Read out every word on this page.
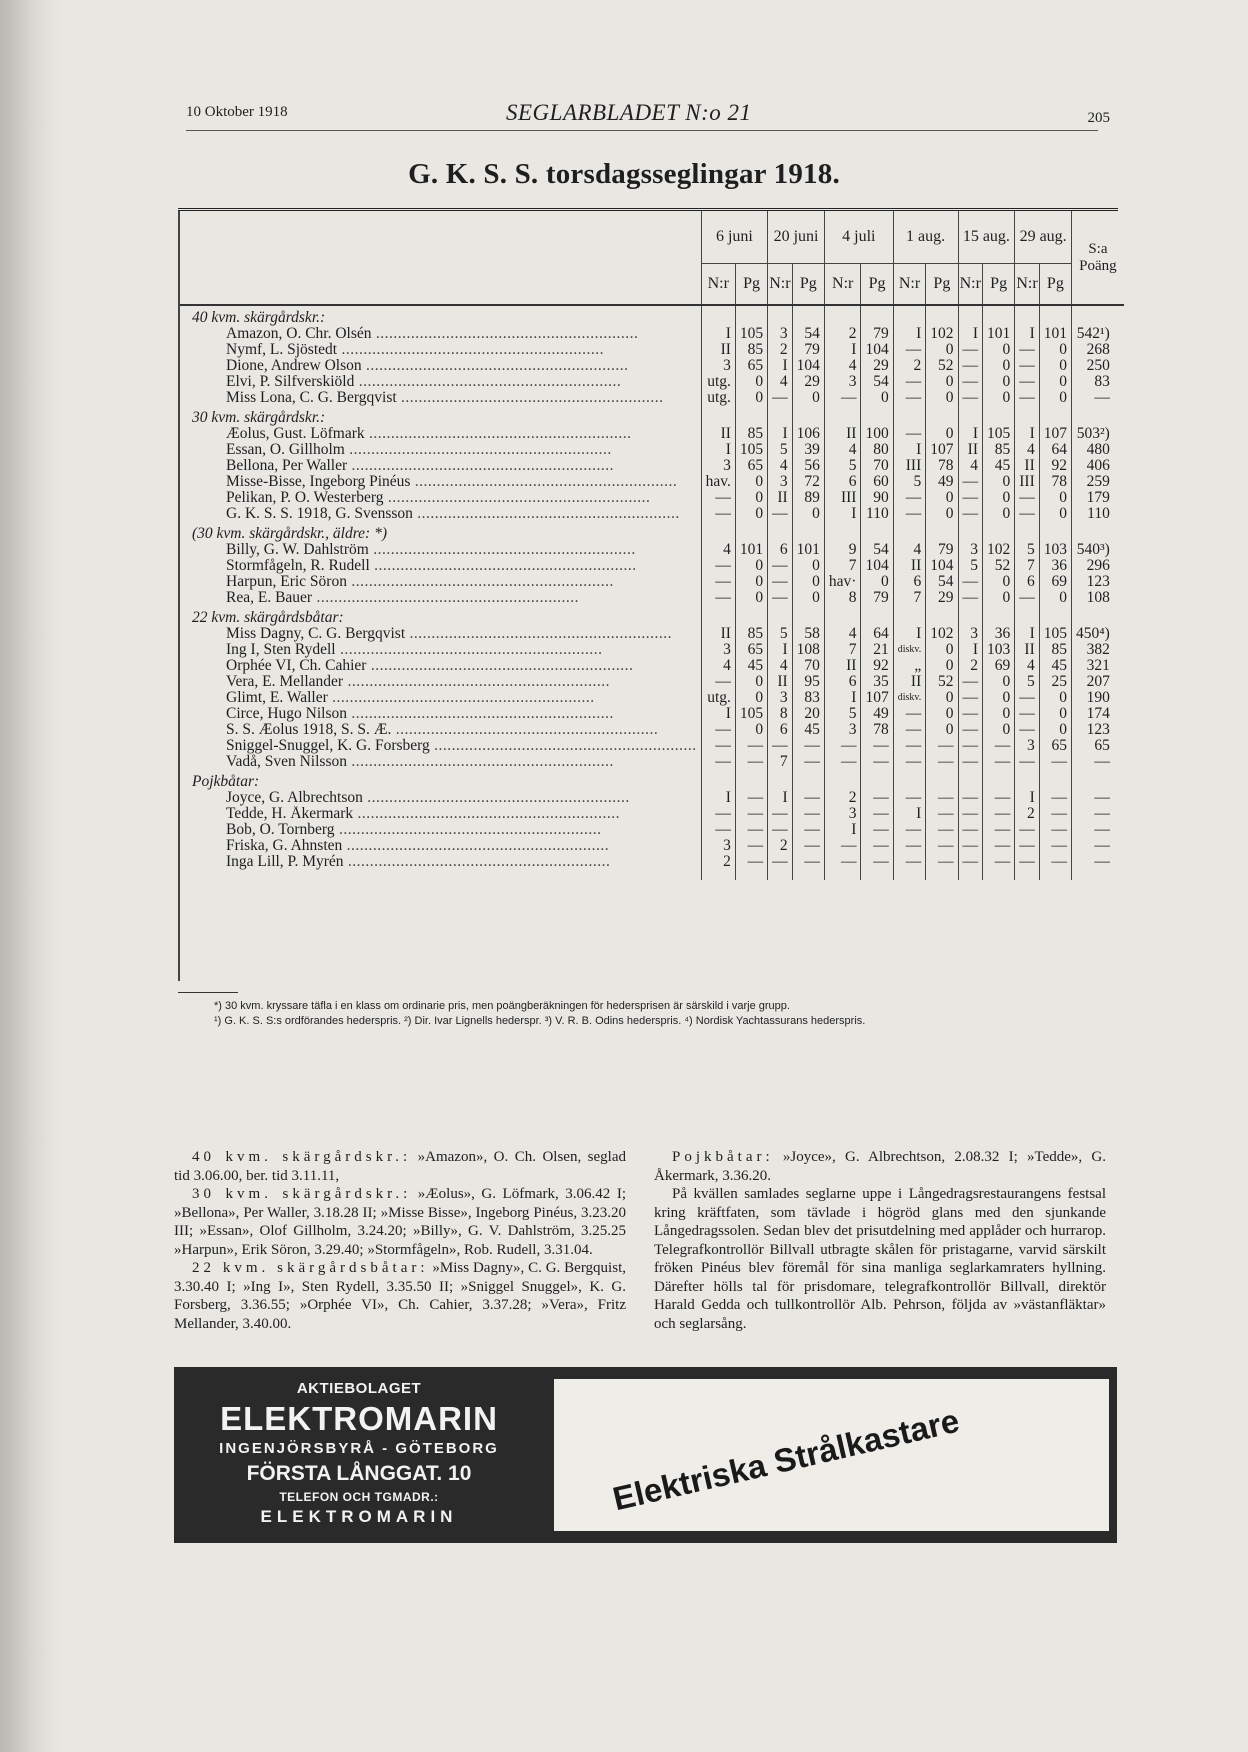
10 Oktober 1918	SEGLARBLADET N:o 21	205
G. K. S. S. torsdagsseglingar 1918.
	6 juni		20 juni		4 juli		1 aug.		15 aug.		29 aug.		S:a
Poäng

	N:r	Pg	N:r	Pg	N:r	Pg	N:r	Pg	N:r	Pg	N:r	Pg	
40 kvm. skärgårdskr.:													
Amazon, O. Chr. Olsén ............................................................	I	105	3	54	2	79	I	102	I	101	I	101	542¹)
Nymf, L. Sjöstedt ............................................................	II	85	2	79	I	104	—	0	—	0	—	0	268
Dione, Andrew Olson ............................................................	3	65	I	104	4	29	2	52	—	0	—	0	250
Elvi, P. Silfverskiöld ............................................................	utg.	0	4	29	3	54	—	0	—	0	—	0	83
Miss Lona, C. G. Bergqvist ............................................................	utg.	0	—	0	—	0	—	0	—	0	—	0	—
30 kvm. skärgårdskr.:													
Æolus, Gust. Löfmark ............................................................	II	85	I	106	II	100	—	0	I	105	I	107	503²)
Essan, O. Gillholm ............................................................	I	105	5	39	4	80	I	107	II	85	4	64	480
Bellona, Per Waller ............................................................	3	65	4	56	5	70	III	78	4	45	II	92	406
Misse-Bisse, Ingeborg Pinéus ............................................................	hav.	0	3	72	6	60	5	49	—	0	III	78	259
Pelikan, P. O. Westerberg ............................................................	—	0	II	89	III	90	—	0	—	0	—	0	179
G. K. S. S. 1918, G. Svensson ............................................................	—	0	—	0	I	110	—	0	—	0	—	0	110
(30 kvm. skärgårdskr., äldre: *)													
Billy, G. W. Dahlström ............................................................	4	101	6	101	9	54	4	79	3	102	5	103	540³)
Stormfågeln, R. Rudell ............................................................	—	0	—	0	7	104	II	104	5	52	7	36	296
Harpun, Eric Söron ............................................................	—	0	—	0	hav·	0	6	54	—	0	6	69	123
Rea, E. Bauer ............................................................	—	0	—	0	8	79	7	29	—	0	—	0	108
22 kvm. skärgårdsbåtar:													
Miss Dagny, C. G. Bergqvist ............................................................	II	85	5	58	4	64	I	102	3	36	I	105	450⁴)
Ing I, Sten Rydell ............................................................	3	65	I	108	7	21	diskv.	0	I	103	II	85	382
Orphée VI, Ch. Cahier ............................................................	4	45	4	70	II	92	„	0	2	69	4	45	321
Vera, E. Mellander ............................................................	—	0	II	95	6	35	II	52	—	0	5	25	207
Glimt, E. Waller ............................................................	utg.	0	3	83	I	107	diskv.	0	—	0	—	0	190
Circe, Hugo Nilson ............................................................	I	105	8	20	5	49	—	0	—	0	—	0	174
S. S. Æolus 1918, S. S. Æ. ............................................................	—	0	6	45	3	78	—	0	—	0	—	0	123
Sniggel-Snuggel, K. G. Forsberg ............................................................	—	—	—	—	—	—	—	—	—	—	3	65	65
Vadå, Sven Nilsson ............................................................	—	—	7	—	—	—	—	—	—	—	—	—	—
Pojkbåtar:													
Joyce, G. Albrechtson ............................................................	I	—	I	—	2	—	—	—	—	—	I	—	—
Tedde, H. Åkermark ............................................................	—	—	—	—	3	—	I	—	—	—	2	—	—
Bob, O. Tornberg ............................................................	—	—	—	—	I	—	—	—	—	—	—	—	—
Friska, G. Ahnsten ............................................................	3	—	2	—	—	—	—	—	—	—	—	—	—
Inga Lill, P. Myrén ............................................................	2	—	—	—	—	—	—	—	—	—	—	—	—

*) 30 kvm. kryssare täfla i en klass om ordinarie pris, men poängberäkningen för hedersprisen är särskild i varje grupp.

¹) G. K. S. S:s ordförandes hederspris. ²) Dir. Ivar Lignells hederspr. ³) V. R. B. Odins hederspris. ⁴) Nordisk Yachtassurans hederspris.

40 kvm. skärgårdskr.: »Amazon», O. Ch. Olsen, seglad tid 3.06.00, ber. tid 3.11.11,

30 kvm. skärgårdskr.: »Æolus», G. Löfmark, 3.06.42 I; »Bellona», Per Waller, 3.18.28 II; »Misse Bisse», Ingeborg Pinéus, 3.23.20 III; »Essan», Olof Gillholm, 3.24.20; »Billy», G. V. Dahlström, 3.25.25 »Harpun», Erik Söron, 3.29.40; »Stormfågeln», Rob. Rudell, 3.31.04.

22 kvm. skärgårdsbåtar: »Miss Dagny», C. G. Bergquist, 3.30.40 I; »Ing I», Sten Rydell, 3.35.50 II; »Sniggel Snuggel», K. G. Forsberg, 3.36.55; »Orphée VI», Ch. Cahier, 3.37.28; »Vera», Fritz Mellander, 3.40.00.

Pojkbåtar: »Joyce», G. Albrechtson, 2.08.32 I; »Tedde», G. Åkermark, 3.36.20.

På kvällen samlades seglarne uppe i Långedragsrestaurangens festsal kring kräftfaten, som tävlade i högröd glans med den sjunkande Långedragssolen. Sedan blev det prisutdelning med applåder och hurrarop. Telegrafkontrollör Billvall utbragte skålen för pristagarne, varvid särskilt fröken Pinéus blev föremål för sina manliga seglarkamraters hyllning. Därefter hölls tal för prisdomare, telegrafkontrollör Billvall, direktör Harald Gedda och tullkontrollör Alb. Pehrson, följda av »västanfläktar» och seglarsång.

AKTIEBOLAGET
ELEKTROMARIN
INGENJÖRSBYRÅ - GÖTEBORG
FÖRSTA LÅNGGAT. 10
TELEFON OCH TGMADR.:
ELEKTROMARIN	Elektriska Strålkastare
